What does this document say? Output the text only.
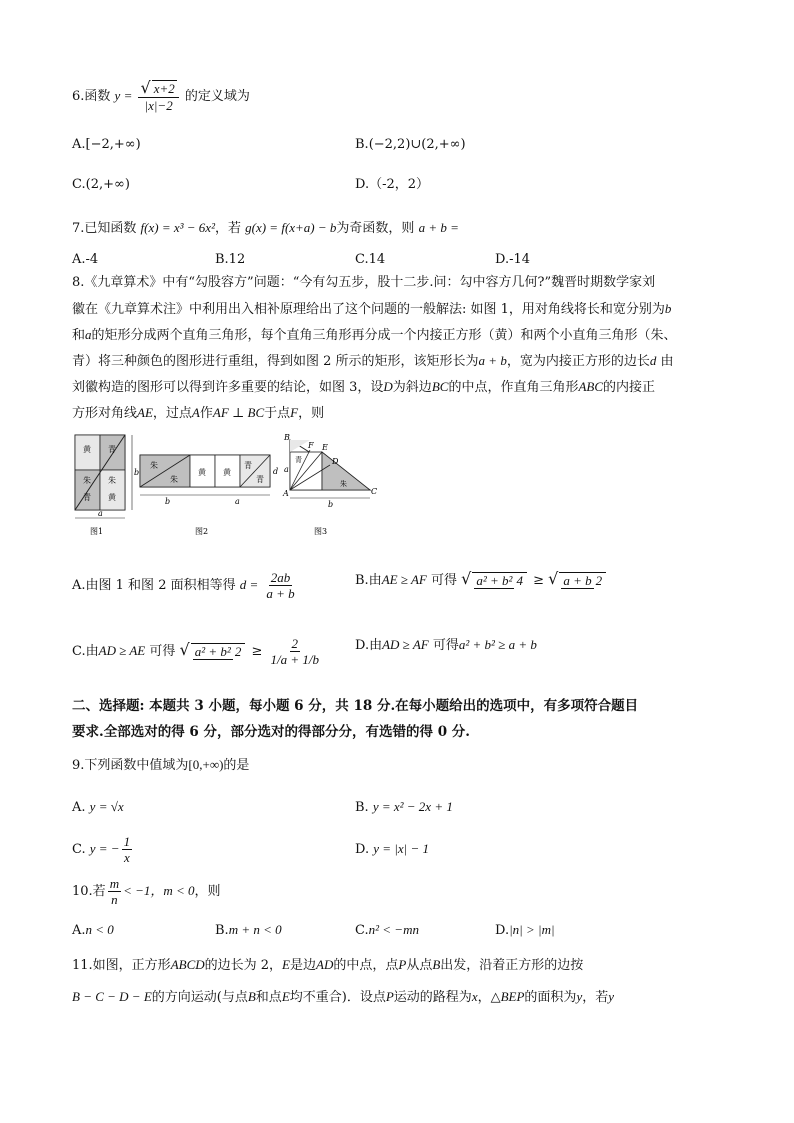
6.函数 $y = \frac{√ x+2}{|x|-2}$ 的定义域为
A.[−2,+∞)	B.(−2,2)∪(2,+∞)
C.(2,+∞)	D.（-2，2）
7.已知函数 f(x) = x³ − 6x²，若 g(x) = f(x+a) − b为奇函数，则 a + b =
A.-4	B.12	C.14	D.-14
8.《九章算术》中有“勾股容方”问题：“今有勾五步，股十二步.问：勾中容方几何?”魏晋时期数学家刘
徽在《九章算术注》中利用出入相补原理给出了这个问题的一般解法: 如图 1，用对角线将长和宽分别为b
和a的矩形分成两个直角三角形，每个直角三角形再分成一个内接正方形（黄）和两个小直角三角形（朱、
青）将三种颜色的图形进行重组，得到如图 2 所示的矩形，该矩形长为a + b，宽为内接正方形的边长d 由
刘徽构造的图形可以得到许多重要的结论，如图 3，设D为斜边BC的中点，作直角三角形ABC的内接正
方形对角线AE，过点A作AF ⊥ BC于点F，则
黄 青
朱 朱
青 黄
a
b
图1
朱
朱
黄 黄
青
青
b	a
d
图2
B
F E
D
A	C
a
青
朱
b
图3
A.由图 1 和图 2 面积相等得 $d = \frac{2ab}{a + b}$	B.由AE ≥ AF 可得 √ a² + b² 4 ≥ √ a + b 2
C.由AD ≥ AE 可得 √ a² + b² $2 \ge \frac{2}{1/a + 1/b}$	D.由AD ≥ AF 可得a² + b² ≥ a + b
二、选择题: 本题共 3 小题，每小题 6 分，共 18 分.在每小题给出的选项中，有多项符合题目
要求.全部选对的得 6 分，部分选对的得部分分，有选错的得 0 分.
9.下列函数中值域为[0,+∞)的是
A. y = √x	B. y = x² − 2x + 1
C. y = − $\frac{1}{x}$	D. y = |x| − 1
10.若 $\frac{m}{n} < -1$，m < 0，则
A.n < 0	B.m + n < 0	C.n² < −mn	D.|n| > |m|
11.如图，正方形ABCD的边长为 2，E是边AD的中点，点P从点B出发，沿着正方形的边按
B − C − D − E的方向运动(与点B和点E均不重合)．设点P运动的路程为x，△BEP的面积为y，若y
